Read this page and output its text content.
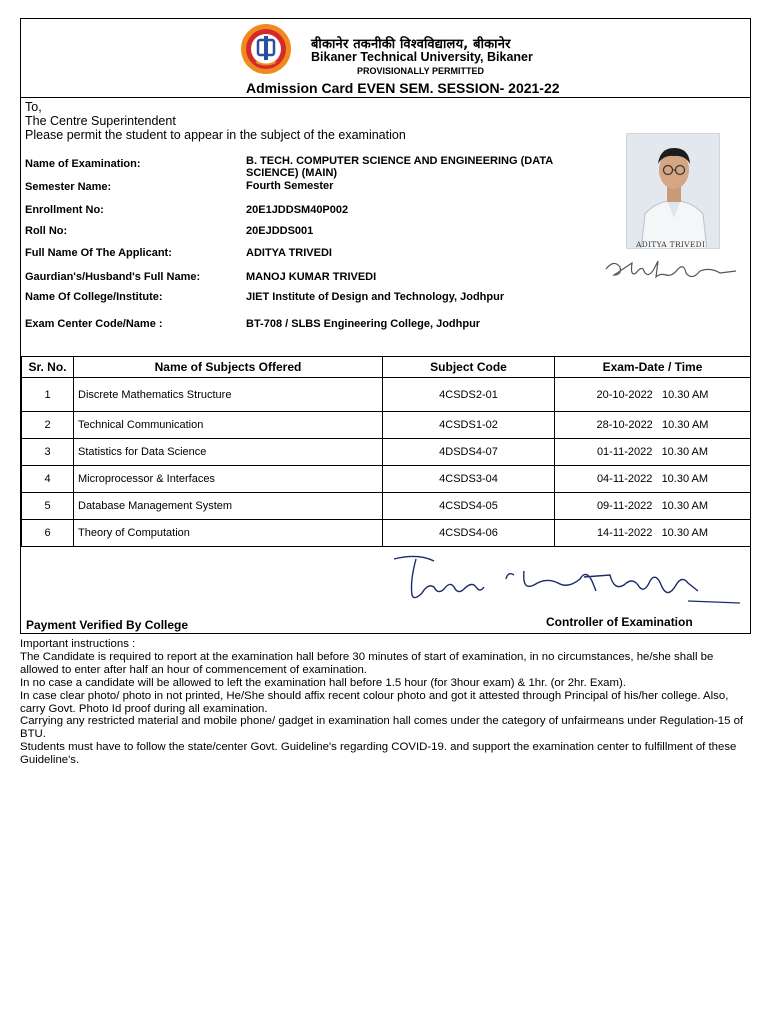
बीकानेर तकनीकी विश्वविद्यालय, बीकानेर
Bikaner Technical University, Bikaner
PROVISIONALLY PERMITTED
Admission Card EVEN SEM. SESSION- 2021-22
To,
The Centre Superintendent
Please permit the student to appear in the subject of the examination
Name of Examination:	B. TECH. COMPUTER SCIENCE AND ENGINEERING (DATA SCIENCE) (MAIN)
Semester Name:	Fourth Semester
Enrollment No:	20E1JDDSM40P002
Roll No:	20EJDDS001
Full Name Of The Applicant:	ADITYA TRIVEDI
Gaurdian's/Husband's Full Name:	MANOJ KUMAR TRIVEDI
Name Of College/Institute:	JIET Institute of Design and Technology, Jodhpur
Exam Center Code/Name :	BT-708 / SLBS Engineering College, Jodhpur
ADITYA TRIVEDI
Sr. No.	Name of Subjects Offered	Subject Code	Exam-Date / Time
1	Discrete Mathematics Structure	4CSDS2-01	20-10-2022 10.30 AM
2	Technical Communication	4CSDS1-02	28-10-2022 10.30 AM
3	Statistics for Data Science	4DSDS4-07	01-11-2022 10.30 AM
4	Microprocessor & Interfaces	4CSDS3-04	04-11-2022 10.30 AM
5	Database Management System	4CSDS4-05	09-11-2022 10.30 AM
6	Theory of Computation	4CSDS4-06	14-11-2022 10.30 AM
Payment Verified By College	Controller of Examination

Important instructions :

The Candidate is required to report at the examination hall before 30 minutes of start of examination, in no circumstances, he/she shall be allowed to enter after half an hour of commencement of examination.

In no case a candidate will be allowed to left the examination hall before 1.5 hour (for 3hour exam) & 1hr. (or 2hr. Exam).

In case clear photo/ photo in not printed, He/She should affix recent colour photo and got it attested through Principal of his/her college. Also, carry Govt. Photo Id proof during all examination.

Carrying any restricted material and mobile phone/ gadget in examination hall comes under the category of unfairmeans under Regulation-15 of BTU.

Students must have to follow the state/center Govt. Guideline's regarding COVID-19. and support the examination center to fulfillment of these Guideline's.
